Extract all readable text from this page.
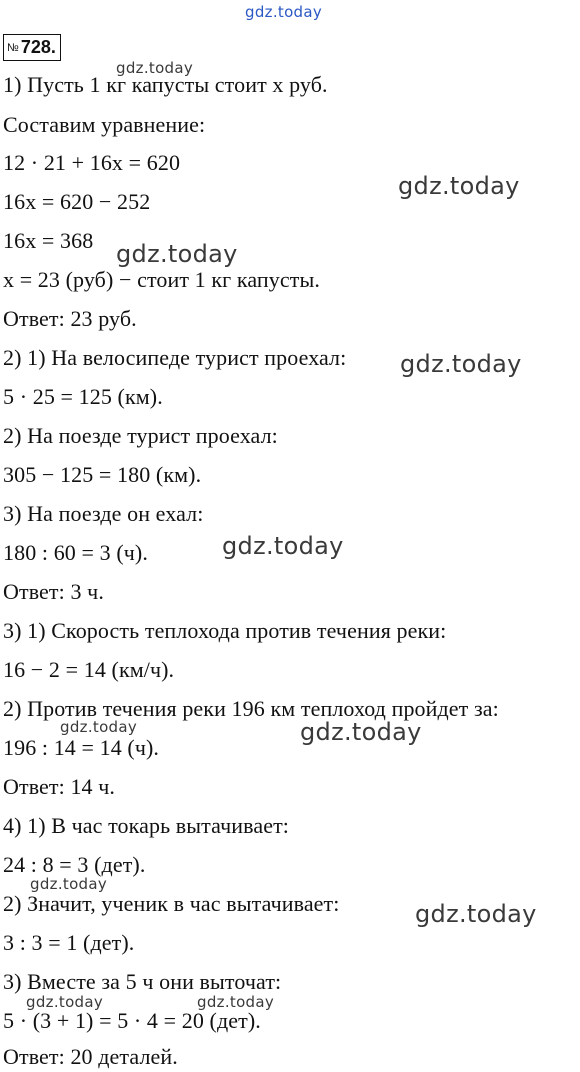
gdz.today
№ 728.
1) Пусть 1 кг капусты стоит x руб.
Составим уравнение:
12 · 21 + 16x = 620
16x = 620 − 252
16x = 368
x = 23 (руб) − стоит 1 кг капусты.
Ответ: 23 руб.
2) 1) На велосипеде турист проехал:
5 · 25 = 125 (км).
2) На поезде турист проехал:
305 − 125 = 180 (км).
3) На поезде он ехал:
180 : 60 = 3 (ч).
Ответ: 3 ч.
3) 1) Скорость теплохода против течения реки:
16 − 2 = 14 (км/ч).
2) Против течения реки 196 км теплоход пройдет за:
196 : 14 = 14 (ч).
Ответ: 14 ч.
4) 1) В час токарь вытачивает:
24 : 8 = 3 (дет).
2) Значит, ученик в час вытачивает:
3 : 3 = 1 (дет).
3) Вместе за 5 ч они выточат:
5 · (3 + 1) = 5 · 4 = 20 (дет).
Ответ: 20 деталей.
gdz.today
gdz.today
gdz.today
gdz.today
gdz.today
gdz.today	gdz.today
gdz.today
gdz.today
gdz.today	gdz.today
